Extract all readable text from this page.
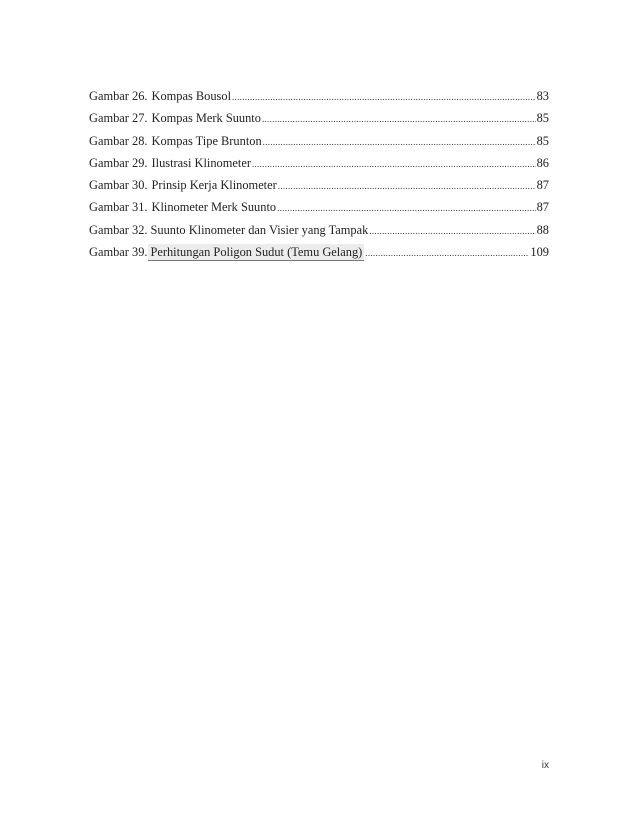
Gambar 26. Kompas Bousol .....	83
Gambar 27. Kompas Merk Suunto .....	85
Gambar 28. Kompas Tipe Brunton .....	85
Gambar 29. Ilustrasi Klinometer .....	86
Gambar 30. Prinsip Kerja Klinometer .....	87
Gambar 31. Klinometer Merk Suunto .....	87
Gambar 32. Suunto Klinometer dan Visier yang Tampak .....	88
Gambar 39. Perhitungan Poligon Sudut (Temu Gelang) .....	109
ix
